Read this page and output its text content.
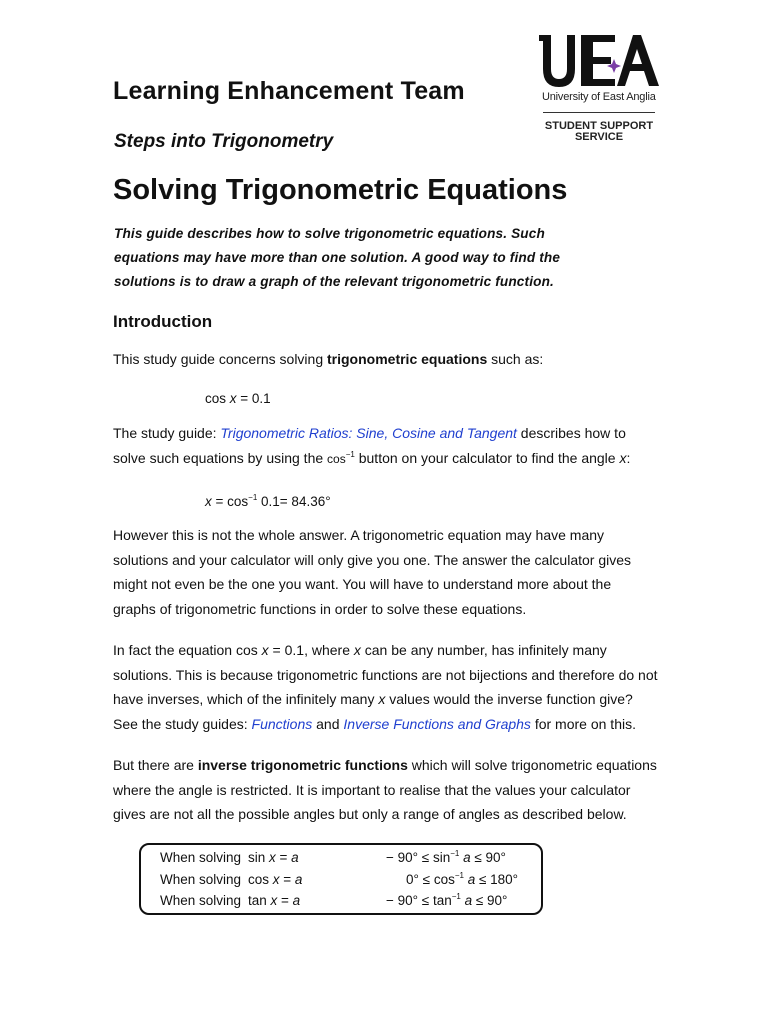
University of East Anglia
STUDENT SUPPORT
SERVICE
Learning Enhancement Team
Steps into Trigonometry
Solving Trigonometric Equations

This guide describes how to solve trigonometric equations. Such

equations may have more than one solution. A good way to find the

solutions is to draw a graph of the relevant trigonometric function.

Introduction
This study guide concerns solving trigonometric equations such as:
cos x = 0.1
The study guide: Trigonometric Ratios: Sine, Cosine and Tangent describes how to
solve such equations by using the $\cos^{-1}$ button on your calculator to find the angle x:
$x = \cos^{-1} 0.1= 84.36^\circ$
However this is not the whole answer. A trigonometric equation may have many
solutions and your calculator will only give you one. The answer the calculator gives
might not even be the one you want. You will have to understand more about the
graphs of trigonometric functions in order to solve these equations.
In fact the equation cos x = 0.1, where x can be any number, has infinitely many
solutions. This is because trigonometric functions are not bijections and therefore do not
have inverses, which of the infinitely many x values would the inverse function give?
See the study guides: Functions and Inverse Functions and Graphs for more on this.
But there are inverse trigonometric functions which will solve trigonometric equations
where the angle is restricted. It is important to realise that the values your calculator
gives are not all the possible angles but only a range of angles as described below.
When solving sin x = a	− $90^\circ \le \sin^{-1} a \le 90^\circ$
When solving cos x = a	$0^\circ \le \cos^{-1} a \le 180^\circ$
When solving tan x = a	− $90^\circ \le \tan^{-1} a \le 90^\circ$
